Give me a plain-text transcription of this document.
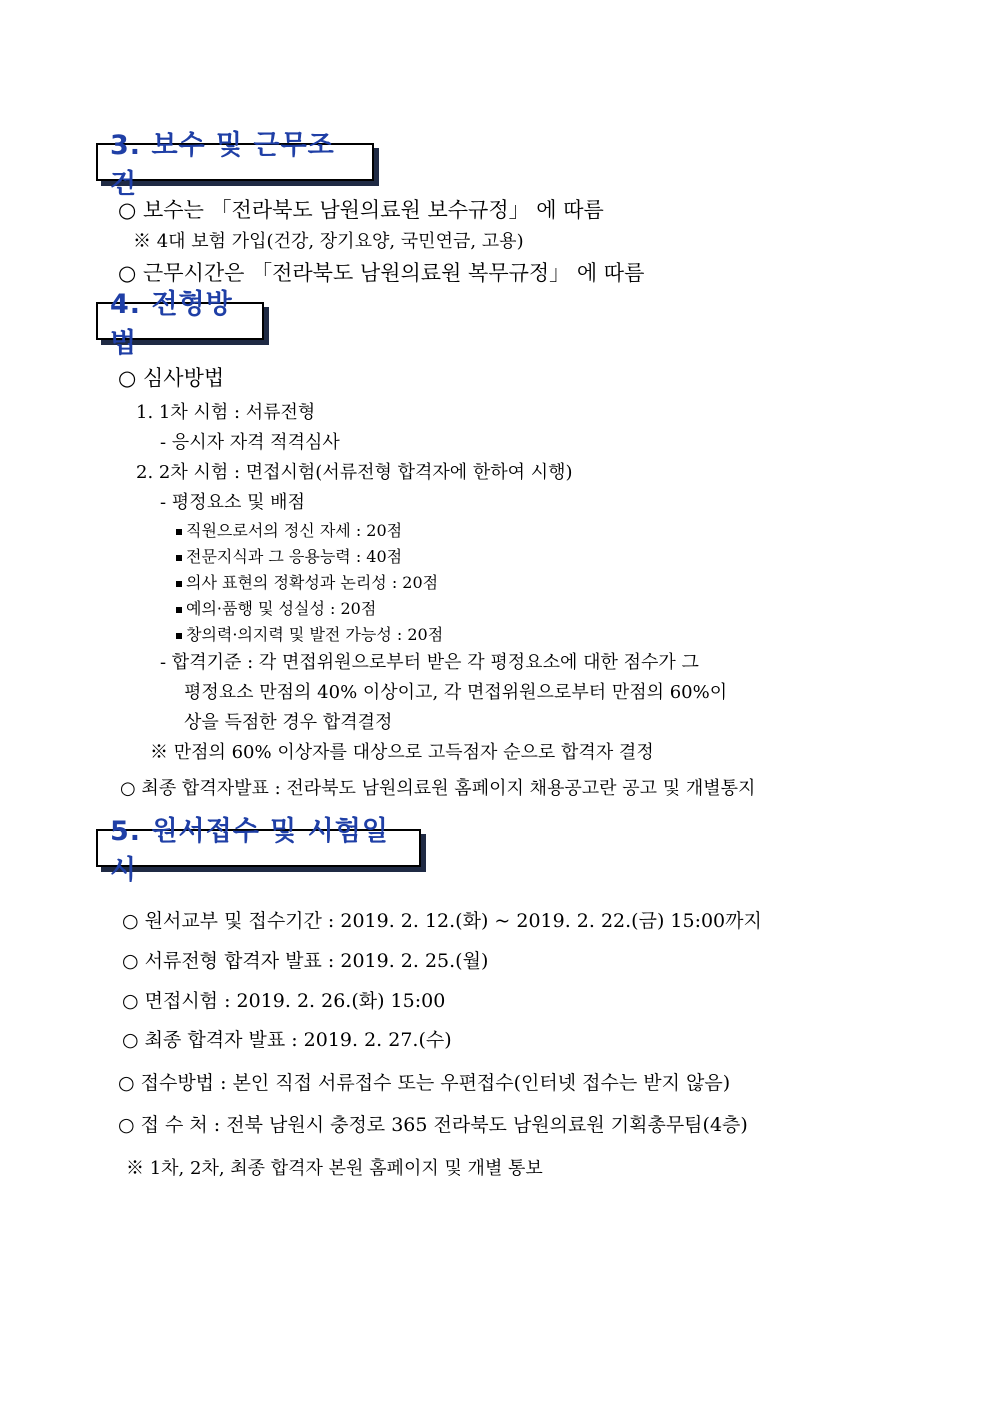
3. 보수 및 근무조건
○ 보수는 「전라북도 남원의료원 보수규정」 에 따름
※ 4대 보험 가입(건강, 장기요양, 국민연금, 고용)
○ 근무시간은 「전라북도 남원의료원 복무규정」 에 따름
4. 전형방법
○ 심사방법
1. 1차 시험 : 서류전형
- 응시자 자격 적격심사
2. 2차 시험 : 면접시험(서류전형 합격자에 한하여 시행)
- 평정요소 및 배점
직원으로서의 정신 자세 : 20점
전문지식과 그 응용능력 : 40점
의사 표현의 정확성과 논리성 : 20점
예의·품행 및 성실성 : 20점
창의력·의지력 및 발전 가능성 : 20점
- 합격기준 : 각 면접위원으로부터 받은 각 평정요소에 대한 점수가 그
평정요소 만점의 40% 이상이고, 각 면접위원으로부터 만점의 60%이
상을 득점한 경우 합격결정
※ 만점의 60% 이상자를 대상으로 고득점자 순으로 합격자 결정
○ 최종 합격자발표 : 전라북도 남원의료원 홈페이지 채용공고란 공고 및 개별통지
5. 원서접수 및 시험일시
○ 원서교부 및 접수기간 : 2019. 2. 12.(화) ~ 2019. 2. 22.(금) 15:00까지
○ 서류전형 합격자 발표 : 2019. 2. 25.(월)
○ 면접시험 : 2019. 2. 26.(화) 15:00
○ 최종 합격자 발표 : 2019. 2. 27.(수)
○ 접수방법 : 본인 직접 서류접수 또는 우편접수(인터넷 접수는 받지 않음)
○ 접 수 처 : 전북 남원시 충정로 365 전라북도 남원의료원 기획총무팀(4층)
※ 1차, 2차, 최종 합격자 본원 홈페이지 및 개별 통보
